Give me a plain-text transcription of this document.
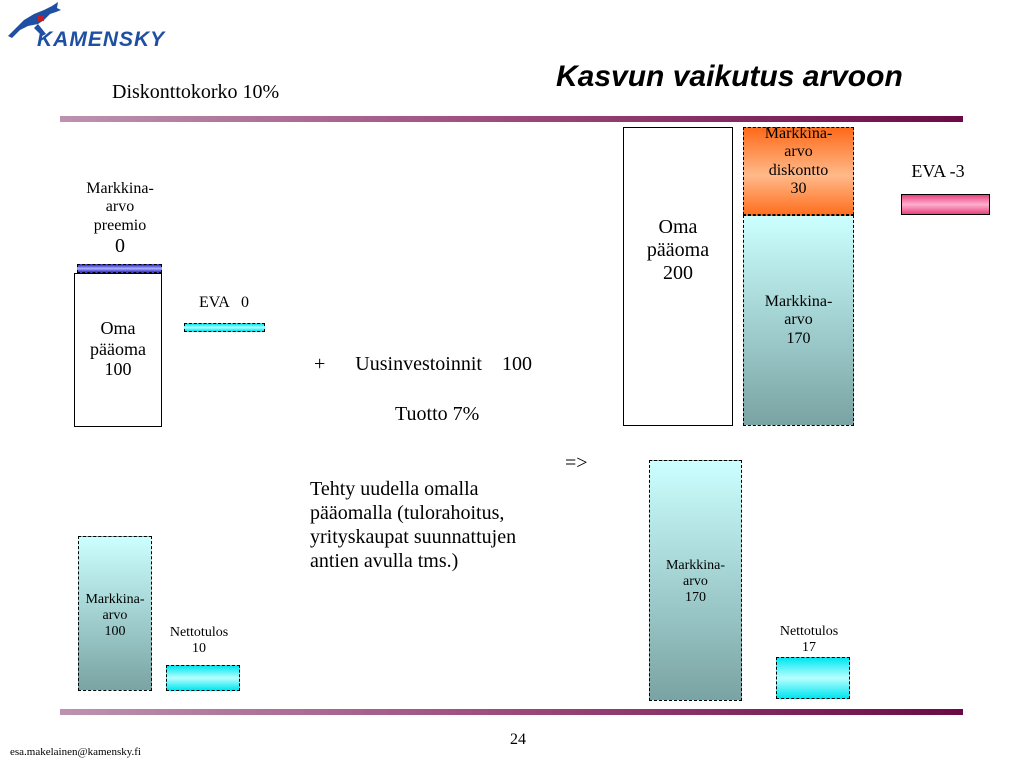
KAMENSKY
Kasvun vaikutus arvoon
Diskonttokorko 10%
Markkina-
arvo
preemio
0
Oma
pääoma
100
EVA   0
Markkina-
arvo
100	Nettotulos
10
+      Uusinvestoinnit    100
Tuotto 7%
=>
Tehty uudella omalla
pääomalla (tulorahoitus,
yrityskaupat suunnattujen
antien avulla tms.)
Oma
pääoma
200
Markkina-
arvo
diskontto
30
Markkina-
arvo
170
EVA -3
Markkina-
arvo
170
Nettotulos
17
24
esa.makelainen@kamensky.fi
